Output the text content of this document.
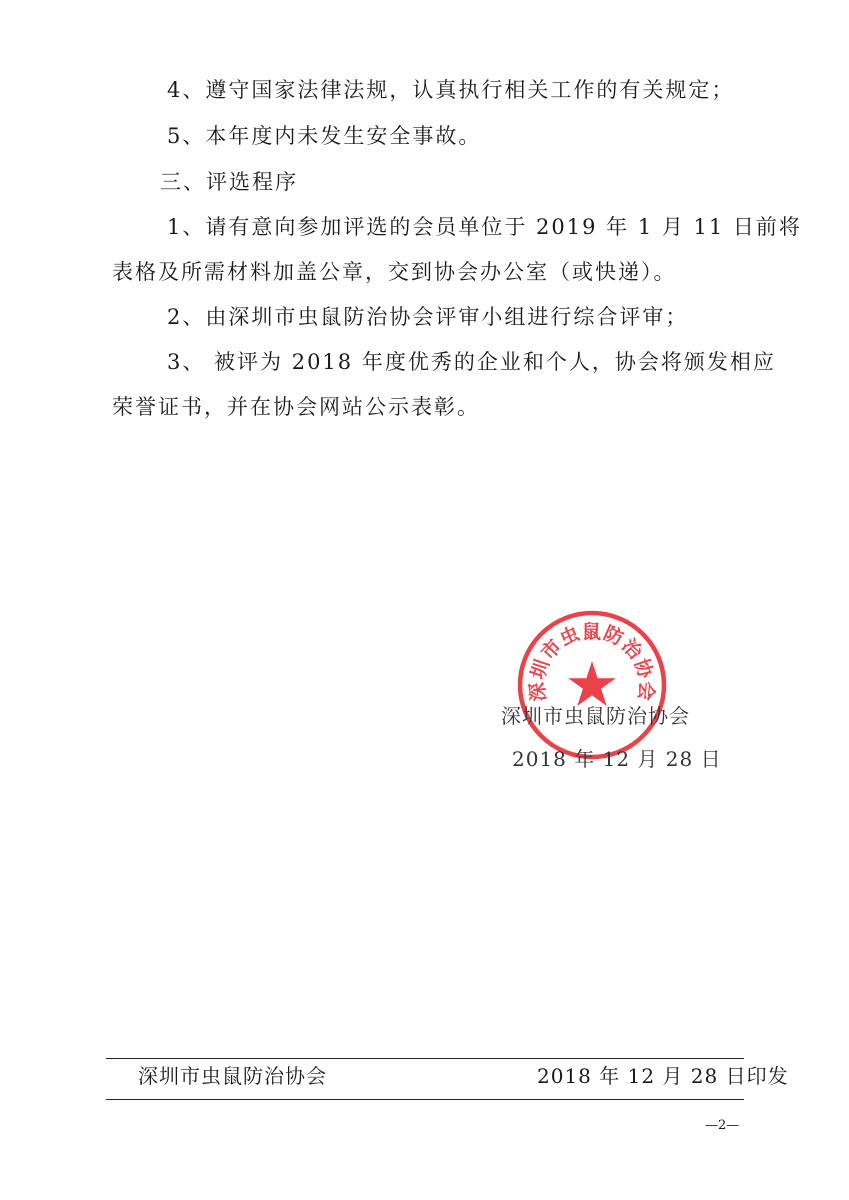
4、遵守国家法律法规，认真执行相关工作的有关规定；
5、本年度内未发生安全事故。
三、评选程序
1、请有意向参加评选的会员单位于 2019 年 1 月 11 日前将
表格及所需材料加盖公章，交到协会办公室（或快递）。
2、由深圳市虫鼠防治协会评审小组进行综合评审；
3、 被评为 2018 年度优秀的企业和个人，协会将颁发相应
荣誉证书，并在协会网站公示表彰。
深圳市虫鼠防治协会
深圳市虫鼠防治协会
2018 年 12 月 28 日
深圳市虫鼠防治协会	2018 年 12 月 28 日印发
—2—
